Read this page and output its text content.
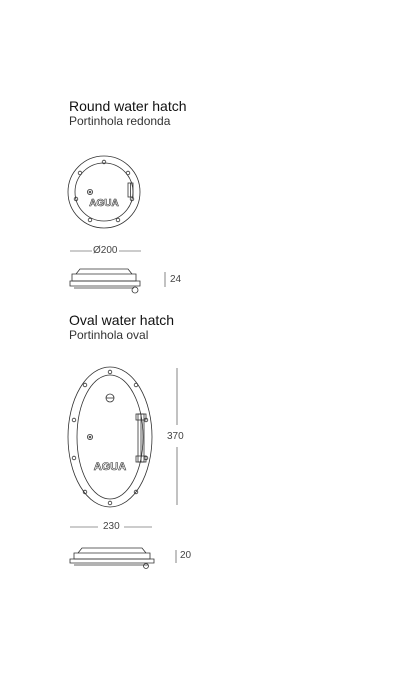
Round water hatch
Portinhola redonda
Oval water hatch
Portinhola oval
AGUA
AGUA
Ø200
24
370
230
20
